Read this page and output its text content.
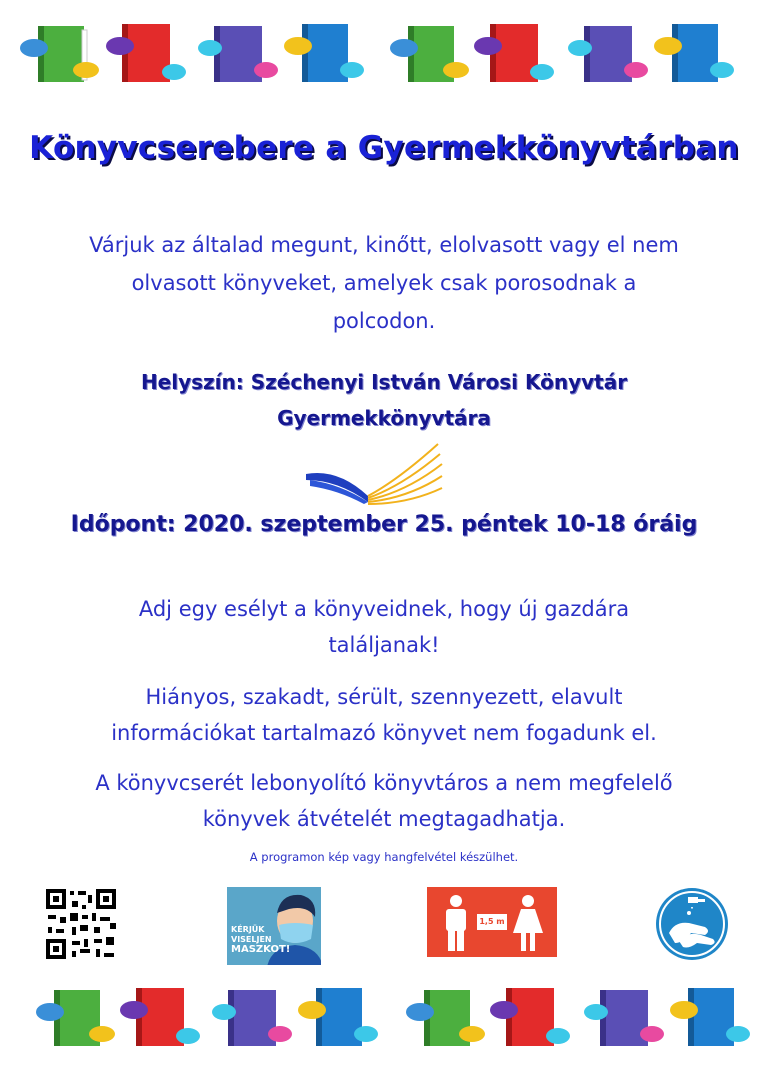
Könyvcserebere a Gyermekkönyvtárban
Várjuk az általad megunt, kinőtt, elolvasott vagy el nem
olvasott könyveket, amelyek csak porosodnak a
polcodon.
Helyszín: Széchenyi István Városi Könyvtár
Gyermekkönyvtára
Időpont: 2020. szeptember 25. péntek 10-18 óráig
Adj egy esélyt a könyveidnek, hogy új gazdára
találjanak!
Hiányos, szakadt, sérült, szennyezett, elavult
információkat tartalmazó könyvet nem fogadunk el.
A könyvcserét lebonyolító könyvtáros a nem megfelelő
könyvek átvételét megtagadhatja.
A programon kép vagy hangfelvétel készülhet.
KÉRJÜK
VISELJEN
MASZKOT!
1,5 m
